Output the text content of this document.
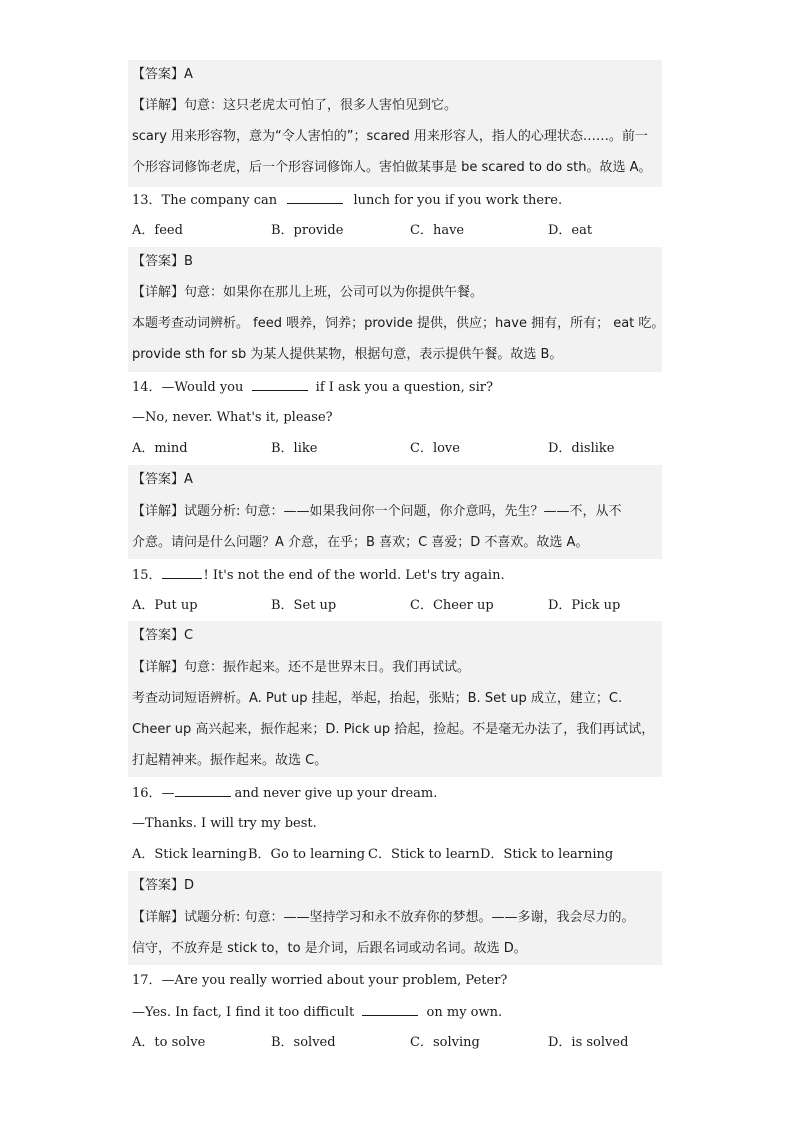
【答案】A
【详解】句意：这只老虎太可怕了，很多人害怕见到它。
scary 用来形容物，意为“令人害怕的”；scared 用来形容人，指人的心理状态……。前一
个形容词修饰老虎，后一个形容词修饰人。害怕做某事是 be scared to do sth。故选 A。
13．The company can	lunch for you if you work there.
A．feed	B．provide	C．have	D．eat
【答案】B
【详解】句意：如果你在那儿上班，公司可以为你提供午餐。
本题考查动词辨析。 feed 喂养，饲养；provide 提供，供应；have 拥有，所有； eat 吃。
provide sth for sb 为某人提供某物，根据句意，表示提供午餐。故选 B。
14．—Would you	if I ask you a question, sir?
—No, never. What's it, please?
A．mind	B．like	C．love	D．dislike
【答案】A
【详解】试题分析: 句意：——如果我问你一个问题，你介意吗，先生？——不，从不
介意。请问是什么问题？A 介意，在乎；B 喜欢；C 喜爱；D 不喜欢。故选 A。
15．	! It's not the end of the world. Let's try again.
A．Put up	B．Set up	C．Cheer up	D．Pick up
【答案】C
【详解】句意：振作起来。还不是世界末日。我们再试试。
考查动词短语辨析。A. Put up 挂起，举起，抬起，张贴；B. Set up 成立，建立；C.
Cheer up 高兴起来，振作起来；D. Pick up 拾起，捡起。不是毫无办法了，我们再试试，
打起精神来。振作起来。故选 C。
16．—	and never give up your dream.
—Thanks. I will try my best.
A．Stick learning B．Go to learning C．Stick to learn D．Stick to learning
【答案】D
【详解】试题分析: 句意：——坚持学习和永不放弃你的梦想。——多谢，我会尽力的。
信守，不放弃是 stick to，to 是介词，后跟名词或动名词。故选 D。
17．—Are you really worried about your problem, Peter?
—Yes. In fact, I find it too difficult	on my own.
A．to solve	B．solved	C．solving	D．is solved
